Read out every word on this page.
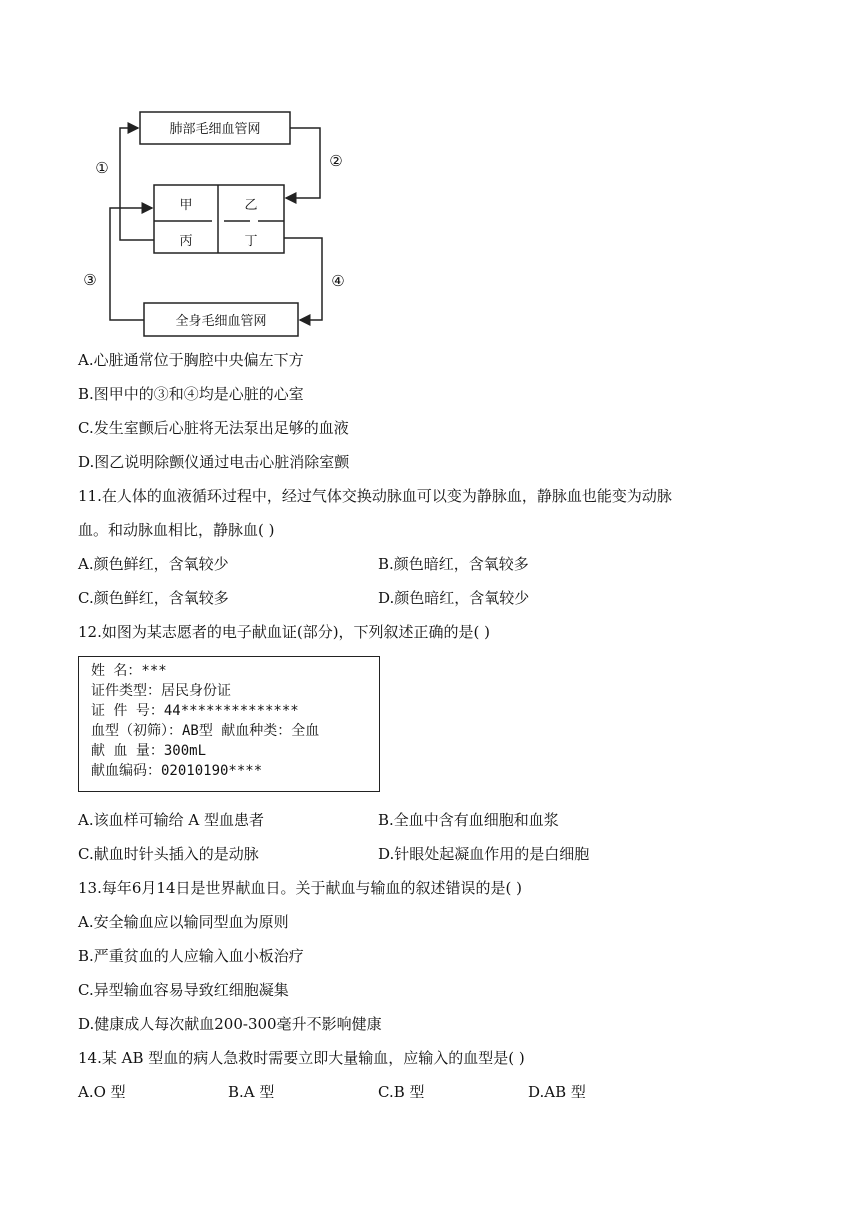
肺部毛细血管网
全身毛细血管网
甲	乙
丙	丁
①	②
③	④
A.心脏通常位于胸腔中央偏左下方
B.图甲中的③和④均是心脏的心室
C.发生室颤后心脏将无法泵出足够的血液
D.图乙说明除颤仪通过电击心脏消除室颤
11.在人体的血液循环过程中，经过气体交换动脉血可以变为静脉血，静脉血也能变为动脉
血。和动脉血相比，静脉血( )
A.颜色鲜红，含氧较少	B.颜色暗红，含氧较多
C.颜色鲜红，含氧较多	D.颜色暗红，含氧较少
12.如图为某志愿者的电子献血证(部分)，下列叙述正确的是( )
姓 名：***
证件类型：居民身份证
证 件 号：44**************
血型（初筛）：AB型 献血种类：全血
献 血 量：300mL
献血编码：02010190****
A.该血样可输给 A 型血患者	B.全血中含有血细胞和血浆
C.献血时针头插入的是动脉	D.针眼处起凝血作用的是白细胞
13.每年6月14日是世界献血日。关于献血与输血的叙述错误的是( )
A.安全输血应以输同型血为原则
B.严重贫血的人应输入血小板治疗
C.异型输血容易导致红细胞凝集
D.健康成人每次献血200-300毫升不影响健康
14.某 AB 型血的病人急救时需要立即大量输血，应输入的血型是( )
A.O 型	B.A 型	C.B 型	D.AB 型
